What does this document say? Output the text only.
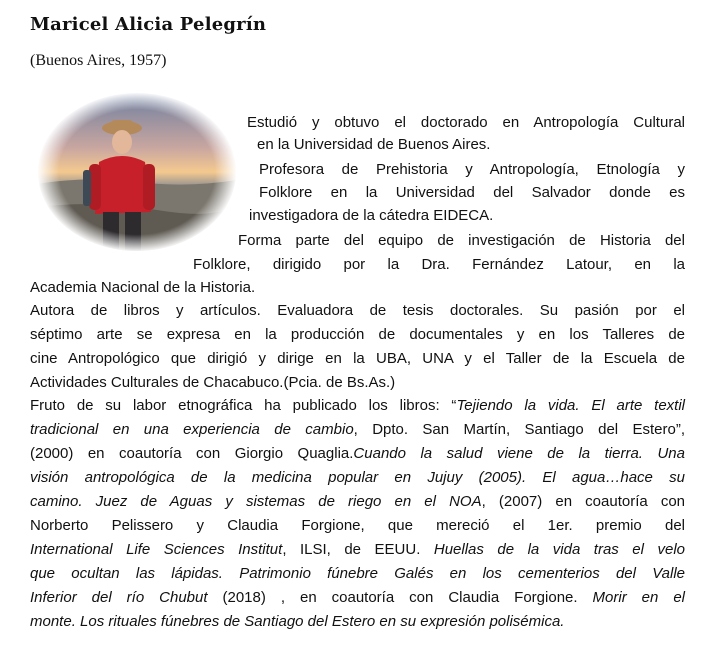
Maricel Alicia Pelegrín

(Buenos Aires, 1957)

Estudió y obtuvo el doctorado en Antropología Cultural

en la Universidad de Buenos Aires.

Profesora de Prehistoria y Antropología, Etnología y

Folklore en la Universidad del Salvador donde es

investigadora de la cátedra EIDECA.

Forma parte del equipo de investigación de Historia del

Folklore, dirigido por la Dra. Fernández Latour, en la

Academia Nacional de la Historia.

Autora de libros y artículos. Evaluadora de tesis doctorales. Su pasión por el

séptimo arte se expresa en la producción de documentales y en los Talleres de

cine Antropológico que dirigió y dirige en la UBA, UNA y el Taller de la Escuela de

Actividades Culturales de Chacabuco.(Pcia. de Bs.As.)

Fruto de su labor etnográfica ha publicado los libros: “Tejiendo la vida. El arte textil

tradicional en una experiencia de cambio, Dpto. San Martín, Santiago del Estero”,

(2000) en coautoría con Giorgio Quaglia.Cuando la salud viene de la tierra. Una

visión antropológica de la medicina popular en Jujuy (2005). El agua…hace su

camino. Juez de Aguas y sistemas de riego en el NOA, (2007) en coautoría con

Norberto Pelissero y Claudia Forgione, que mereció el 1er. premio del

International Life Sciences Institut, ILSI, de EEUU. Huellas de la vida tras el velo

que ocultan las lápidas. Patrimonio fúnebre Galés en los cementerios del Valle

Inferior del río Chubut (2018) , en coautoría con Claudia Forgione. Morir en el

monte. Los rituales fúnebres de Santiago del Estero en su expresión polisémica.
